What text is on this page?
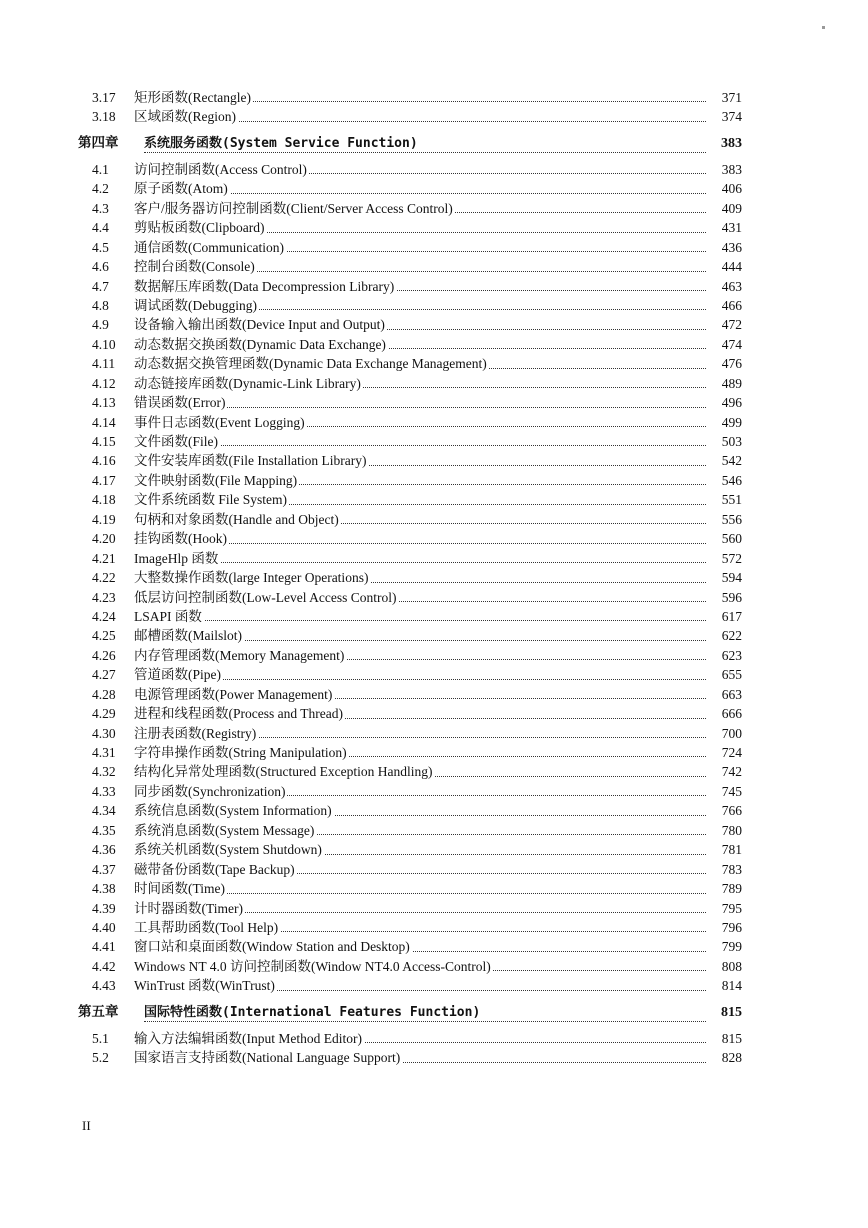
3.17	矩形函数(Rectangle)	371
3.18	区域函数(Region)	374
第四章 系统服务函数(System Service Function)	383
4.1	访问控制函数(Access Control)	383
4.2	原子函数(Atom)	406
4.3	客户/服务器访问控制函数(Client/Server Access Control)	409
4.4	剪贴板函数(Clipboard)	431
4.5	通信函数(Communication)	436
4.6	控制台函数(Console)	444
4.7	数据解压库函数(Data Decompression Library)	463
4.8	调试函数(Debugging)	466
4.9	设备输入输出函数(Device Input and Output)	472
4.10	动态数据交换函数(Dynamic Data Exchange)	474
4.11	动态数据交换管理函数(Dynamic Data Exchange Management)	476
4.12	动态链接库函数(Dynamic-Link Library)	489
4.13	错误函数(Error)	496
4.14	事件日志函数(Event Logging)	499
4.15	文件函数(File)	503
4.16	文件安装库函数(File Installation Library)	542
4.17	文件映射函数(File Mapping)	546
4.18	文件系统函数 File System)	551
4.19	句柄和对象函数(Handle and Object)	556
4.20	挂钩函数(Hook)	560
4.21	ImageHlp 函数	572
4.22	大整数操作函数(large Integer Operations)	594
4.23	低层访问控制函数(Low-Level Access Control)	596
4.24	LSAPI 函数	617
4.25	邮槽函数(Mailslot)	622
4.26	内存管理函数(Memory Management)	623
4.27	管道函数(Pipe)	655
4.28	电源管理函数(Power Management)	663
4.29	进程和线程函数(Process and Thread)	666
4.30	注册表函数(Registry)	700
4.31	字符串操作函数(String Manipulation)	724
4.32	结构化异常处理函数(Structured Exception Handling)	742
4.33	同步函数(Synchronization)	745
4.34	系统信息函数(System Information)	766
4.35	系统消息函数(System Message)	780
4.36	系统关机函数(System Shutdown)	781
4.37	磁带备份函数(Tape Backup)	783
4.38	时间函数(Time)	789
4.39	计时器函数(Timer)	795
4.40	工具帮助函数(Tool Help)	796
4.41	窗口站和桌面函数(Window Station and Desktop)	799
4.42	Windows NT 4.0 访问控制函数(Window NT4.0 Access-Control)	808
4.43	WinTrust 函数(WinTrust)	814
第五章 国际特性函数(International Features Function)	815
5.1	输入方法编辑函数(Input Method Editor)	815
5.2	国家语言支持函数(National Language Support)	828
II
